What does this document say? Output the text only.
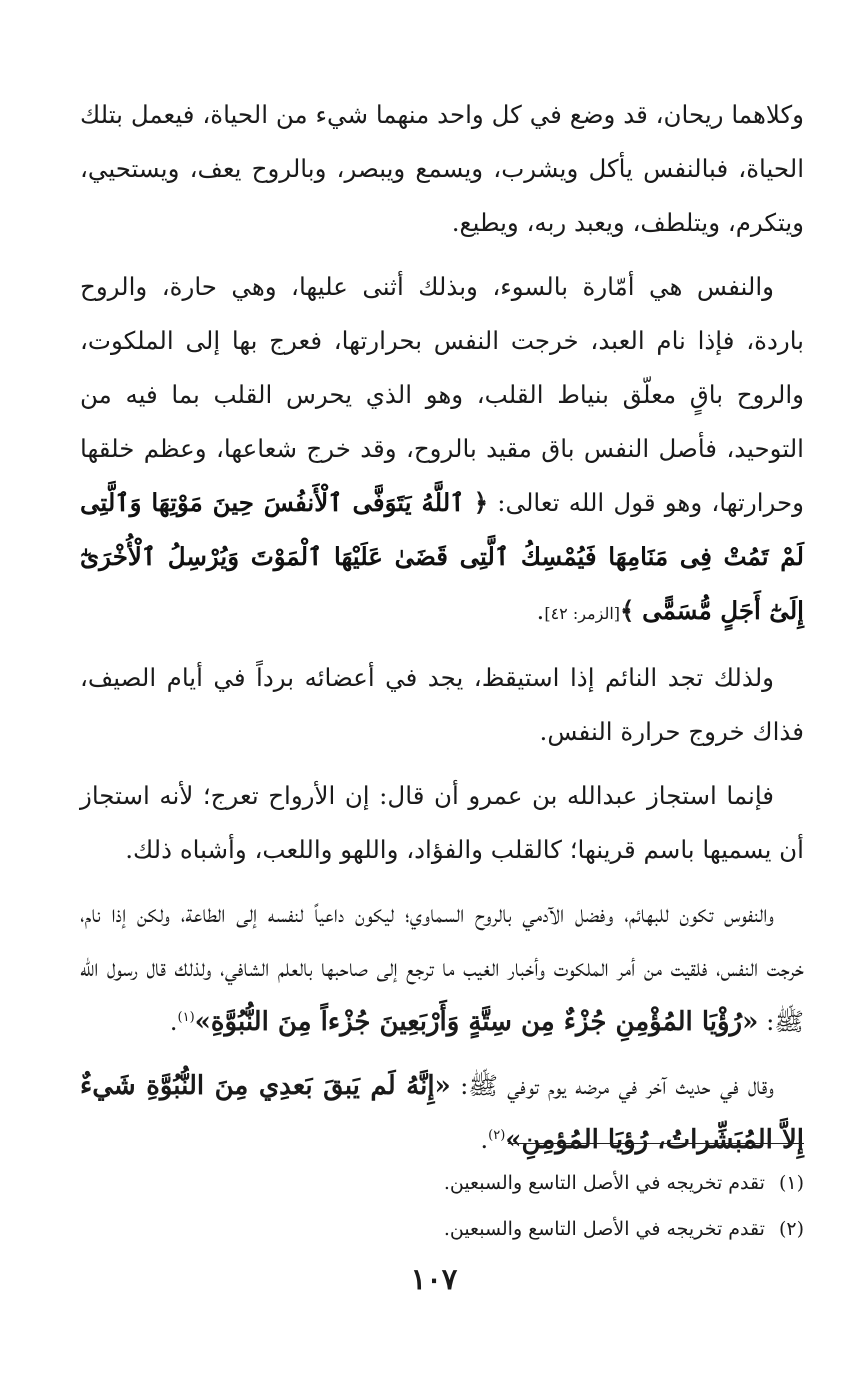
وكلاهما ريحان، قد وضع في كل واحد منهما شيء من الحياة، فيعمل بتلك الحياة، فبالنفس يأكل ويشرب، ويسمع ويبصر، وبالروح يعف، ويستحيي، ويتكرم، ويتلطف، ويعبد ربه، ويطيع.

والنفس هي أمّارة بالسوء، وبذلك أثنى عليها، وهي حارة، والروح باردة، فإذا نام العبد، خرجت النفس بحرارتها، فعرج بها إلى الملكوت، والروح باقٍ معلّق بنياط القلب، وهو الذي يحرس القلب بما فيه من التوحيد، فأصل النفس باق مقيد بالروح، وقد خرج شعاعها، وعظم خلقها وحرارتها، وهو قول الله تعالى: ﴿ ٱللَّهُ يَتَوَفَّى ٱلْأَنفُسَ حِينَ مَوْتِهَا وَٱلَّتِى لَمْ تَمُتْ فِى مَنَامِهَا فَيُمْسِكُ ٱلَّتِى قَضَىٰ عَلَيْهَا ٱلْمَوْتَ وَيُرْسِلُ ٱلْأُخْرَىٰٓ إِلَىٰٓ أَجَلٍ مُّسَمًّى ﴾[الزمر: ٤٢].

ولذلك تجد النائم إذا استيقظ، يجد في أعضائه برداً في أيام الصيف، فذاك خروج حرارة النفس.

فإنما استجاز عبدالله بن عمرو أن قال: إن الأرواح تعرج؛ لأنه استجاز أن يسميها باسم قرينها؛ كالقلب والفؤاد، واللهو واللعب، وأشباه ذلك.

والنفوس تكون للبهائم، وفضل الآدمي بالروح السماوي؛ ليكون داعياً لنفسه إلى الطاعة، ولكن إذا نام، خرجت النفس، فلقيت من أمر الملكوت وأخبار الغيب ما ترجع إلى صاحبها بالعلم الشافي، ولذلك قال رسول الله ﷺ: «رُؤْيَا المُؤْمِنِ جُزْءٌ مِن سِتَّةٍ وَأَرْبَعِينَ جُزْءاً مِنَ النُّبُوَّةِ»$^{(١)}$.

وقال في حديث آخر في مرضه يوم توفي ﷺ: «إِنَّهُ لَم يَبقَ بَعدِي مِنَ النُّبُوَّةِ شَيءٌ إِلاَّ المُبَشِّراتُ، رُؤيَا المُؤمِنِ»$^{(٢)}$.

(١)
تقدم تخريجه في الأصل التاسع والسبعين.
(٢)
تقدم تخريجه في الأصل التاسع والسبعين.
١٠٧
